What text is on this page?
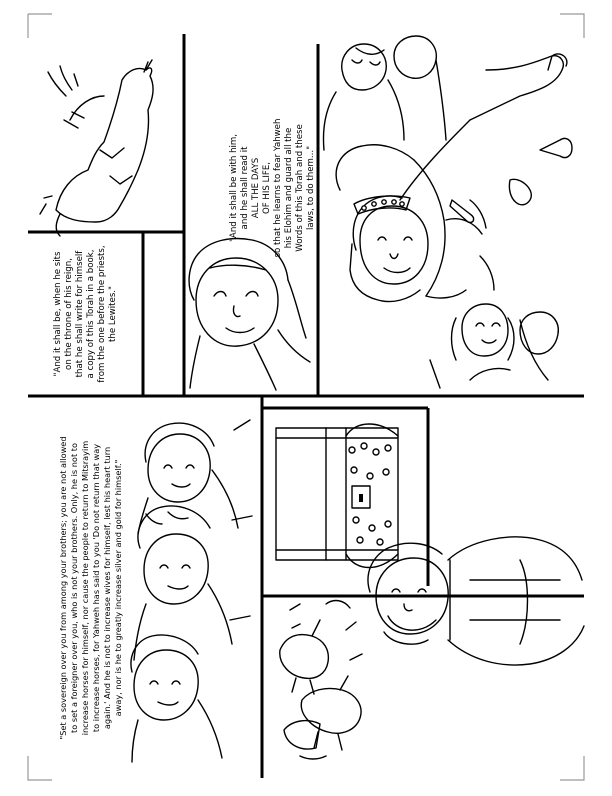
"And it shall be with him, and he shall read it ALL THE DAYS OF HIS LIFE, so that he learns to fear Yahweh his Elohim and guard all the Words of this Torah and these laws, to do them..."
"And it shall be, when he sits on the throne of his reign, that he shall write for himself a copy of this Torah in a book, from the one before the priests, the Lewites."
"Set a sovereign over you from among your brothers; you are not allowed to set a foreigner over you, who is not your brothers. Only, he is not to increase horses for himself, nor cause the people to return to Mitsrayim to increase horses, for Yahweh has said to you 'Do not return that way again.' And he is not to increase wives for himself, lest his heart turn away, nor is he to greatly increase silver and gold for himself."
